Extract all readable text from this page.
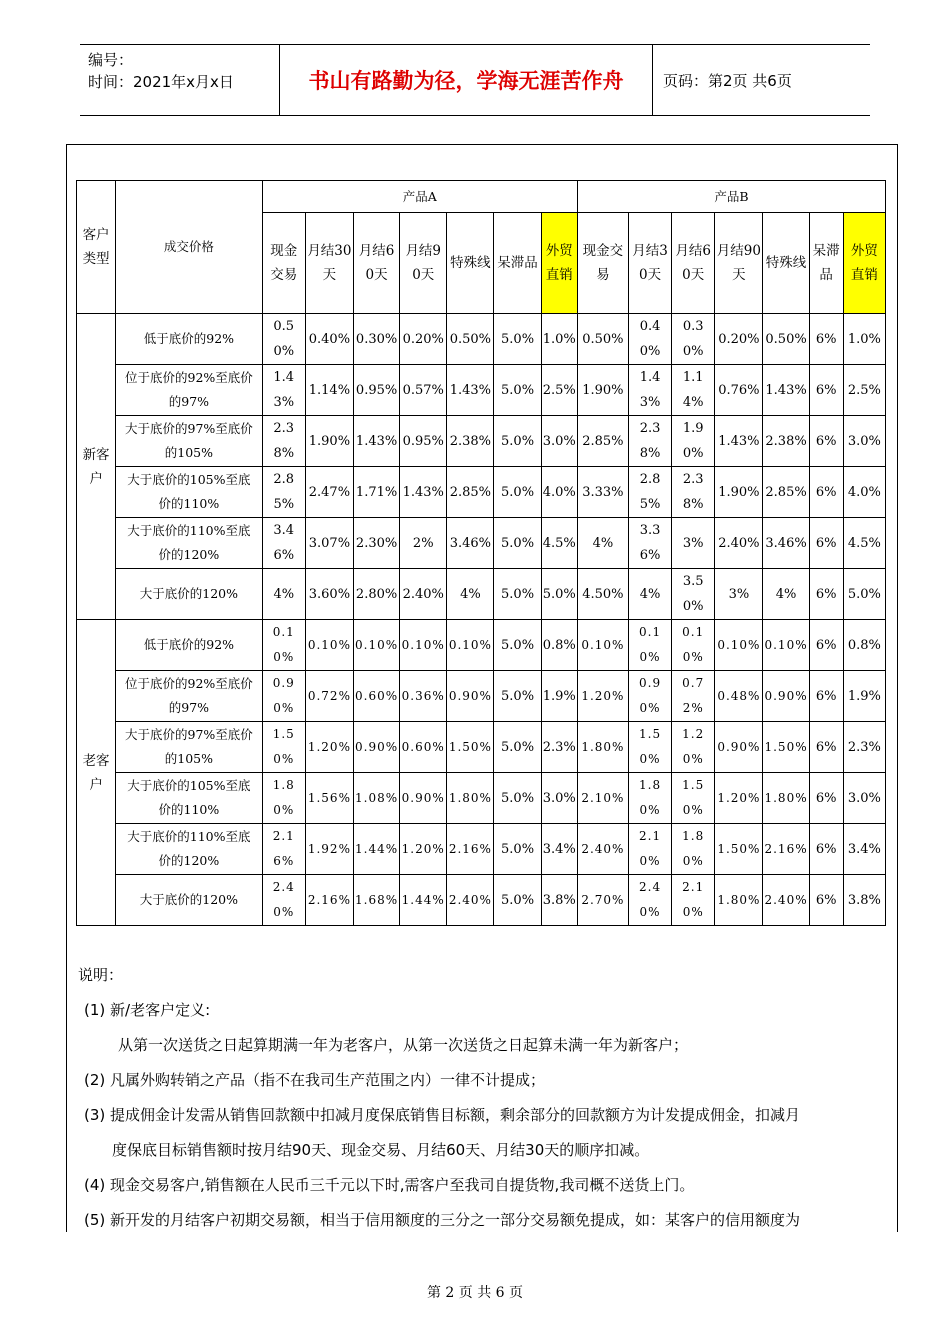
编号：
时间：2021年x月x日	书山有路勤为径，学海无涯苦作舟	页码：第2页 共6页
客户类型	成交价格	产品A							产品B						
		现金交易	月结30天	月结60天	月结90天	特殊线	呆滞品	外贸直销	现金交易	月结30天	月结60天	月结90天	特殊线	呆滞品	外贸直销
新客户	低于底价的92%	0.50%	0.40%	0.30%	0.20%	0.50%	5.0%	1.0%	0.50%	0.40%	0.30%	0.20%	0.50%	6%	1.0%
	位于底价的92%至底价的97%	1.43%	1.14%	0.95%	0.57%	1.43%	5.0%	2.5%	1.90%	1.43%	1.14%	0.76%	1.43%	6%	2.5%
	大于底价的97%至底价的105%	2.38%	1.90%	1.43%	0.95%	2.38%	5.0%	3.0%	2.85%	2.38%	1.90%	1.43%	2.38%	6%	3.0%
	大于底价的105%至底价的110%	2.85%	2.47%	1.71%	1.43%	2.85%	5.0%	4.0%	3.33%	2.85%	2.38%	1.90%	2.85%	6%	4.0%
	大于底价的110%至底价的120%	3.46%	3.07%	2.30%	2%	3.46%	5.0%	4.5%	4%	3.36%	3%	2.40%	3.46%	6%	4.5%
	大于底价的120%	4%	3.60%	2.80%	2.40%	4%	5.0%	5.0%	4.50%	4%	3.50%	3%	4%	6%	5.0%
老客户	低于底价的92%	0.10%	0.10%	0.10%	0.10%	0.10%	5.0%	0.8%	0.10%	0.10%	0.10%	0.10%	0.10%	6%	0.8%
	位于底价的92%至底价的97%	0.90%	0.72%	0.60%	0.36%	0.90%	5.0%	1.9%	1.20%	0.90%	0.72%	0.48%	0.90%	6%	1.9%
	大于底价的97%至底价的105%	1.50%	1.20%	0.90%	0.60%	1.50%	5.0%	2.3%	1.80%	1.50%	1.20%	0.90%	1.50%	6%	2.3%
	大于底价的105%至底价的110%	1.80%	1.56%	1.08%	0.90%	1.80%	5.0%	3.0%	2.10%	1.80%	1.50%	1.20%	1.80%	6%	3.0%
	大于底价的110%至底价的120%	2.16%	1.92%	1.44%	1.20%	2.16%	5.0%	3.4%	2.40%	2.10%	1.80%	1.50%	2.16%	6%	3.4%
	大于底价的120%	2.40%	2.16%	1.68%	1.44%	2.40%	5.0%	3.8%	2.70%	2.40%	2.10%	1.80%	2.40%	6%	3.8%

说明：

(1) 新/老客户定义:

从第一次送货之日起算期满一年为老客户，从第一次送货之日起算未满一年为新客户；

(2) 凡属外购转销之产品（指不在我司生产范围之内）一律不计提成；

(3) 提成佣金计发需从销售回款额中扣减月度保底销售目标额，剩余部分的回款额方为计发提成佣金，扣减月

度保底目标销售额时按月结90天、现金交易、月结60天、月结30天的顺序扣减。

(4) 现金交易客户,销售额在人民币三千元以下时,需客户至我司自提货物,我司概不送货上门。

(5) 新开发的月结客户初期交易额，相当于信用额度的三分之一部分交易额免提成，如：某客户的信用额度为

第 2 页 共 6 页
